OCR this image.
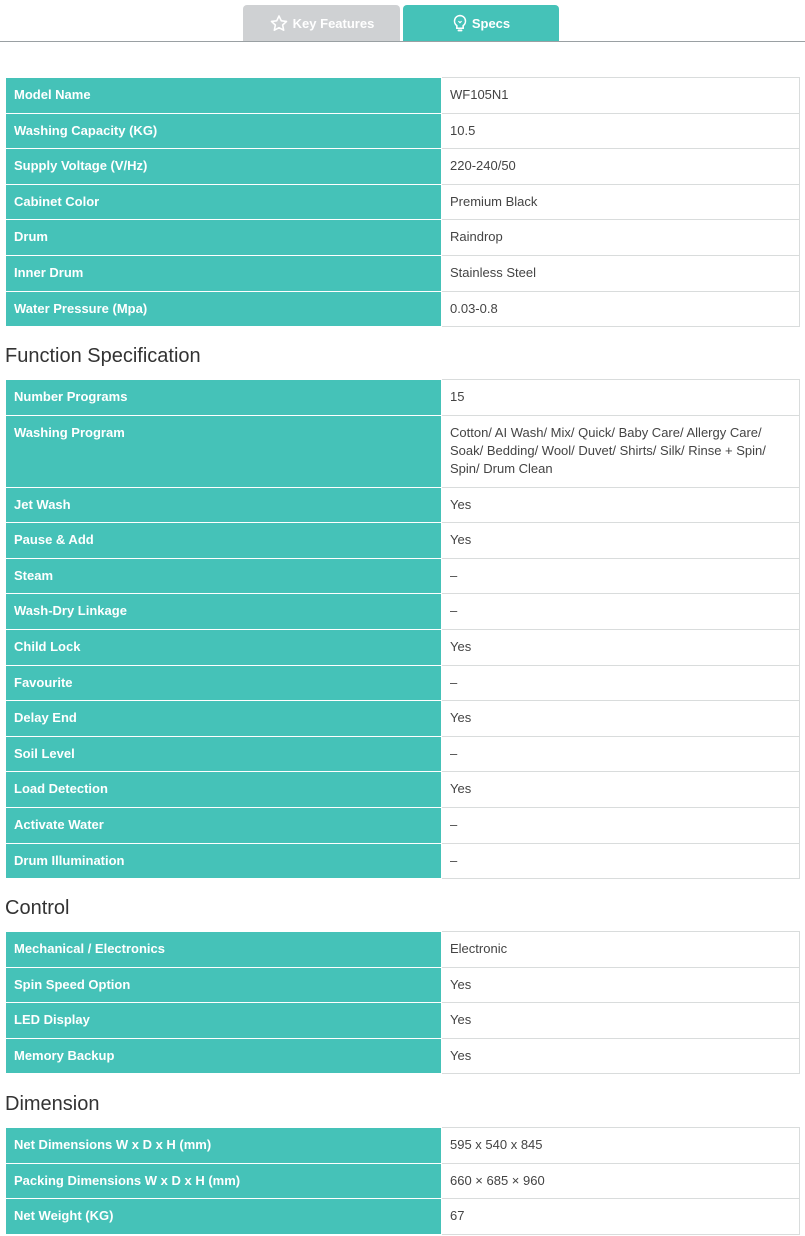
Key Features	Specs
Model Name	WF105N1
Washing Capacity (KG)	10.5
Supply Voltage (V/Hz)	220-240/50
Cabinet Color	Premium Black
Drum	Raindrop
Inner Drum	Stainless Steel
Water Pressure (Mpa)	0.03-0.8
Function Specification
Number Programs	15
Washing Program	Cotton/ AI Wash/ Mix/ Quick/ Baby Care/ Allergy Care/ Soak/ Bedding/ Wool/ Duvet/ Shirts/ Silk/ Rinse + Spin/ Spin/ Drum Clean
Jet Wash	Yes
Pause & Add	Yes
Steam	–
Wash-Dry Linkage	–
Child Lock	Yes
Favourite	–
Delay End	Yes
Soil Level	–
Load Detection	Yes
Activate Water	–
Drum Illumination	–
Control
Mechanical / Electronics	Electronic
Spin Speed Option	Yes
LED Display	Yes
Memory Backup	Yes
Dimension
Net Dimensions W x D x H (mm)	595 x 540 x 845
Packing Dimensions W x D x H (mm)	660 × 685 × 960
Net Weight (KG)	67
